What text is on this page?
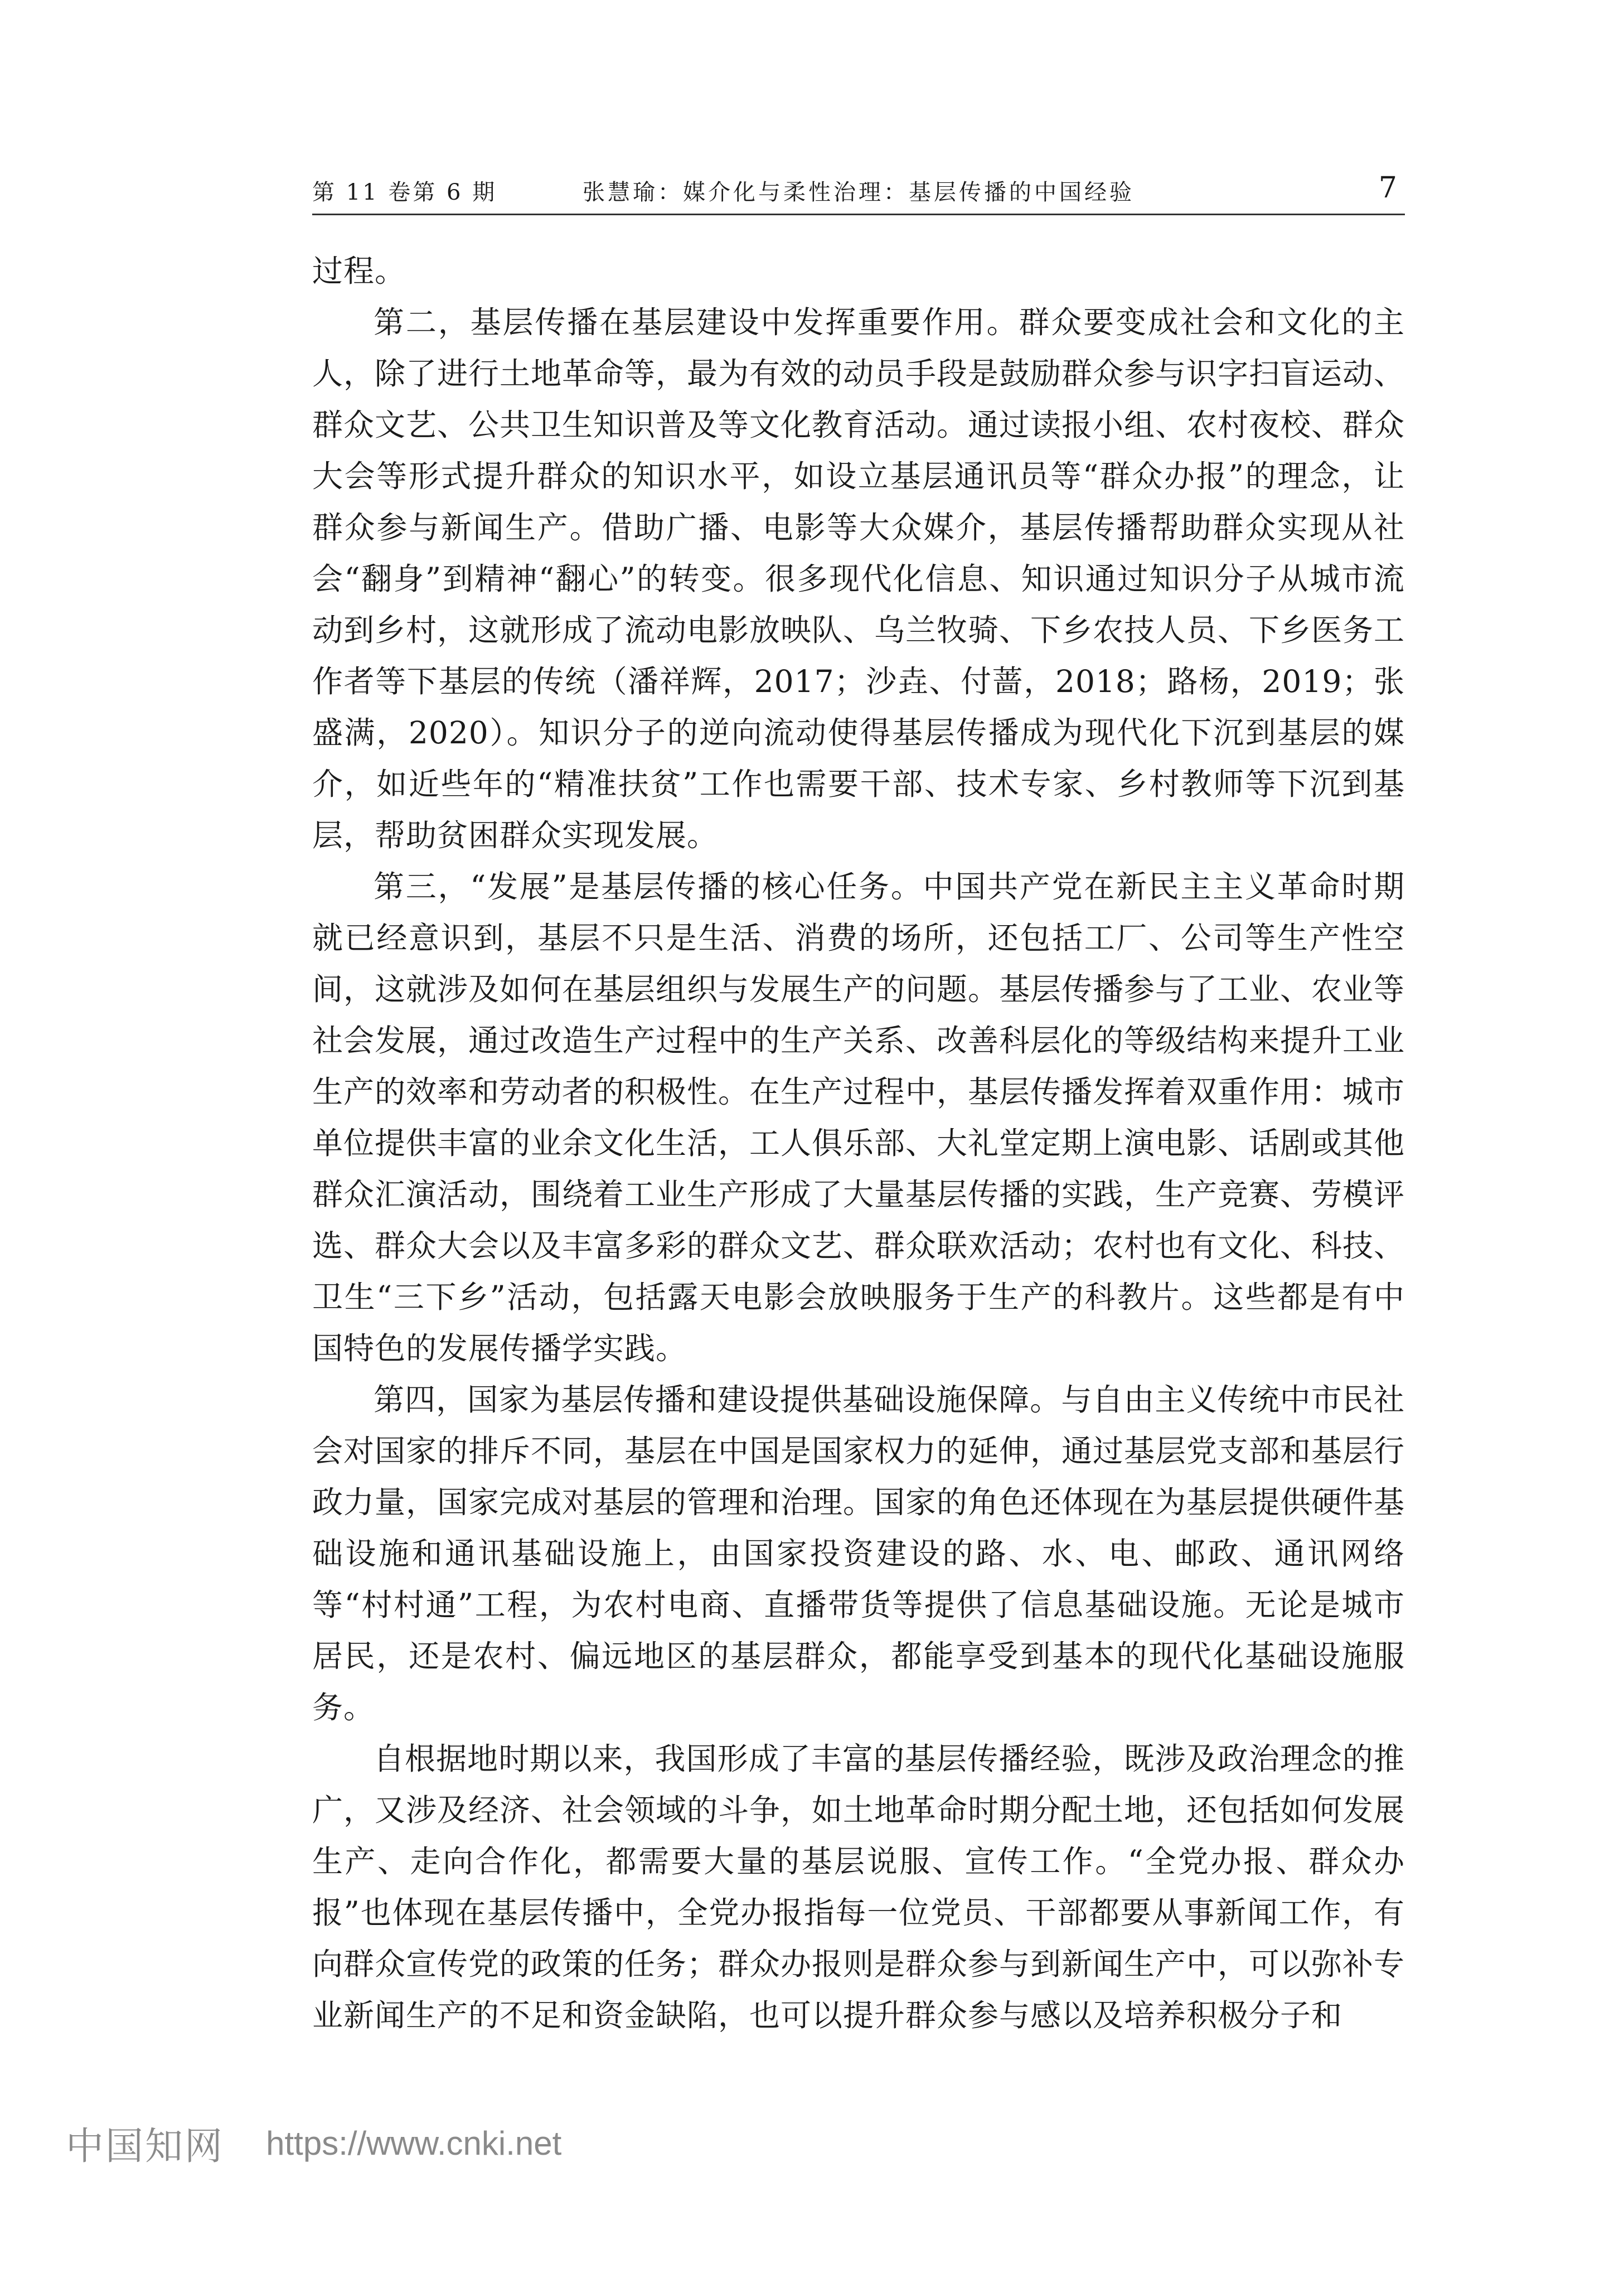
第 11 卷第 6 期	张慧瑜：媒介化与柔性治理：基层传播的中国经验	7

过程。

第二，基层传播在基层建设中发挥重要作用。群众要变成社会和文化的主人，除了进行土地革命等，最为有效的动员手段是鼓励群众参与识字扫盲运动、群众文艺、公共卫生知识普及等文化教育活动。通过读报小组、农村夜校、群众大会等形式提升群众的知识水平，如设立基层通讯员等“群众办报”的理念，让群众参与新闻生产。借助广播、电影等大众媒介，基层传播帮助群众实现从社会“翻身”到精神“翻心”的转变。很多现代化信息、知识通过知识分子从城市流动到乡村，这就形成了流动电影放映队、乌兰牧骑、下乡农技人员、下乡医务工作者等下基层的传统（潘祥辉，2017；沙垚、付蔷，2018；路杨，2019；张盛满，2020）。知识分子的逆向流动使得基层传播成为现代化下沉到基层的媒介，如近些年的“精准扶贫”工作也需要干部、技术专家、乡村教师等下沉到基层，帮助贫困群众实现发展。

第三，“发展”是基层传播的核心任务。中国共产党在新民主主义革命时期就已经意识到，基层不只是生活、消费的场所，还包括工厂、公司等生产性空间，这就涉及如何在基层组织与发展生产的问题。基层传播参与了工业、农业等社会发展，通过改造生产过程中的生产关系、改善科层化的等级结构来提升工业生产的效率和劳动者的积极性。在生产过程中，基层传播发挥着双重作用：城市单位提供丰富的业余文化生活，工人俱乐部、大礼堂定期上演电影、话剧或其他群众汇演活动，围绕着工业生产形成了大量基层传播的实践，生产竞赛、劳模评选、群众大会以及丰富多彩的群众文艺、群众联欢活动；农村也有文化、科技、卫生“三下乡”活动，包括露天电影会放映服务于生产的科教片。这些都是有中国特色的发展传播学实践。

第四，国家为基层传播和建设提供基础设施保障。与自由主义传统中市民社会对国家的排斥不同，基层在中国是国家权力的延伸，通过基层党支部和基层行政力量，国家完成对基层的管理和治理。国家的角色还体现在为基层提供硬件基础设施和通讯基础设施上，由国家投资建设的路、水、电、邮政、通讯网络等“村村通”工程，为农村电商、直播带货等提供了信息基础设施。无论是城市居民，还是农村、偏远地区的基层群众，都能享受到基本的现代化基础设施服务。

自根据地时期以来，我国形成了丰富的基层传播经验，既涉及政治理念的推广，又涉及经济、社会领域的斗争，如土地革命时期分配土地，还包括如何发展生产、走向合作化，都需要大量的基层说服、宣传工作。“全党办报、群众办报”也体现在基层传播中，全党办报指每一位党员、干部都要从事新闻工作，有向群众宣传党的政策的任务；群众办报则是群众参与到新闻生产中，可以弥补专业新闻生产的不足和资金缺陷，也可以提升群众参与感以及培养积极分子和

中国知网 https://www.cnki.net
